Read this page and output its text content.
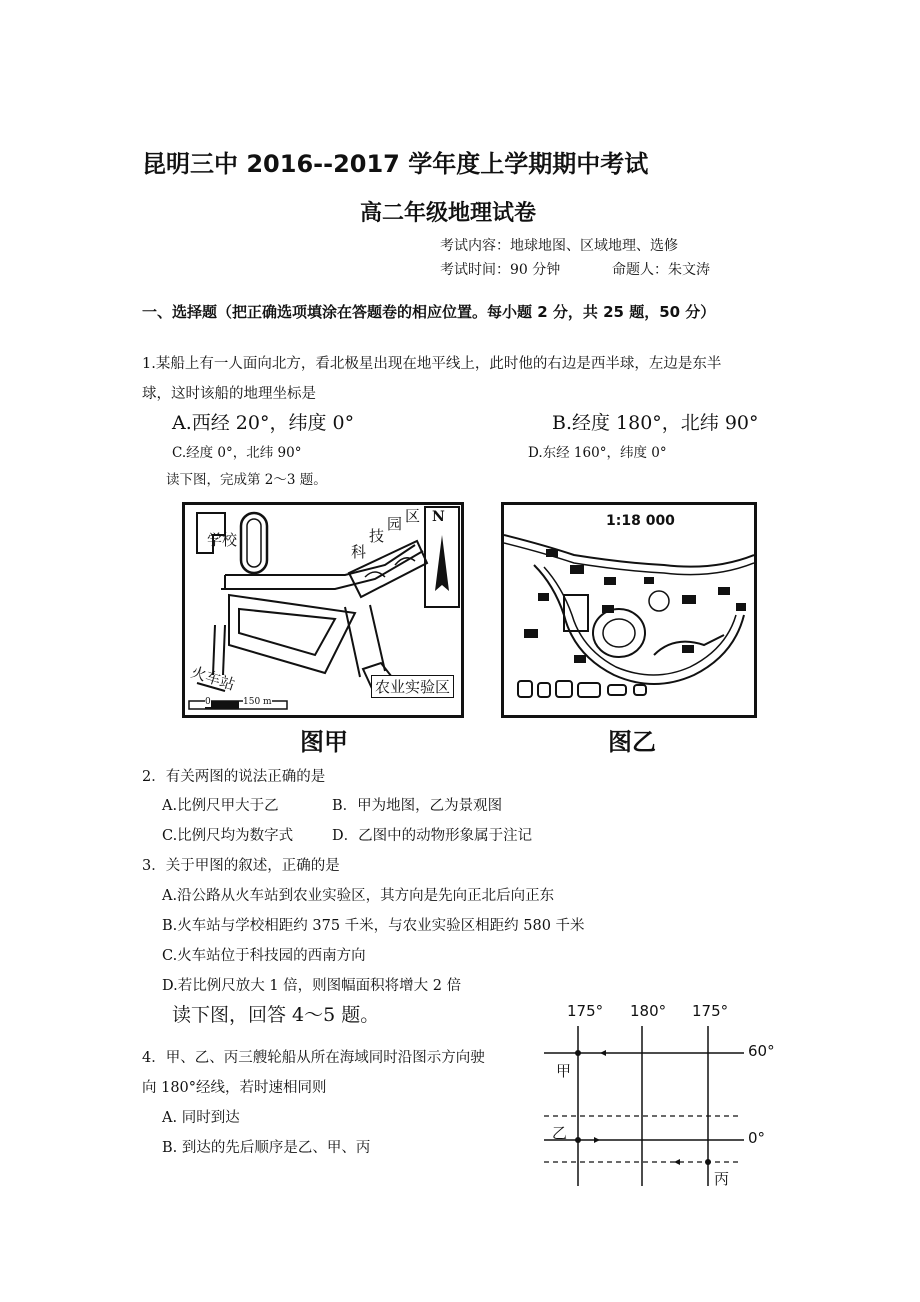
昆明三中 2016--2017 学年度上学期期中考试
高二年级地理试卷
考试内容：地球地图、区域地理、选修
考试时间：90 分钟	命题人：朱文涛
一、选择题（把正确选项填涂在答题卷的相应位置。每小题 2 分，共 25 题，50 分）
1.某船上有一人面向北方，看北极星出现在地平线上，此时他的右边是西半球，左边是东半
球，这时该船的地理坐标是
A.西经 20°，纬度 0°	B.经度 180°，北纬 90°
C.经度 0°，北纬 90°	D.东经 160°，纬度 0°
读下图，完成第 2～3 题。
学校
科
技
园 区 N
火车站	农业实验区
0	150 m
图甲
1:18 000
图乙
2．有关两图的说法正确的是
A.比例尺甲大于乙	B．甲为地图，乙为景观图
C.比例尺均为数字式	D．乙图中的动物形象属于注记
3．关于甲图的叙述，正确的是
A.沿公路从火车站到农业实验区，其方向是先向正北后向正东
B.火车站与学校相距约 375 千米，与农业实验区相距约 580 千米
C.火车站位于科技园的西南方向
D.若比例尺放大 1 倍，则图幅面积将增大 2 倍
读下图，回答 4～5 题。
4．甲、乙、丙三艘轮船从所在海域同时沿图示方向驶
向 180°经线，若时速相同则
A. 同时到达
B. 到达的先后顺序是乙、甲、丙
175° 180° 175°
60°
0°
甲
乙
丙
